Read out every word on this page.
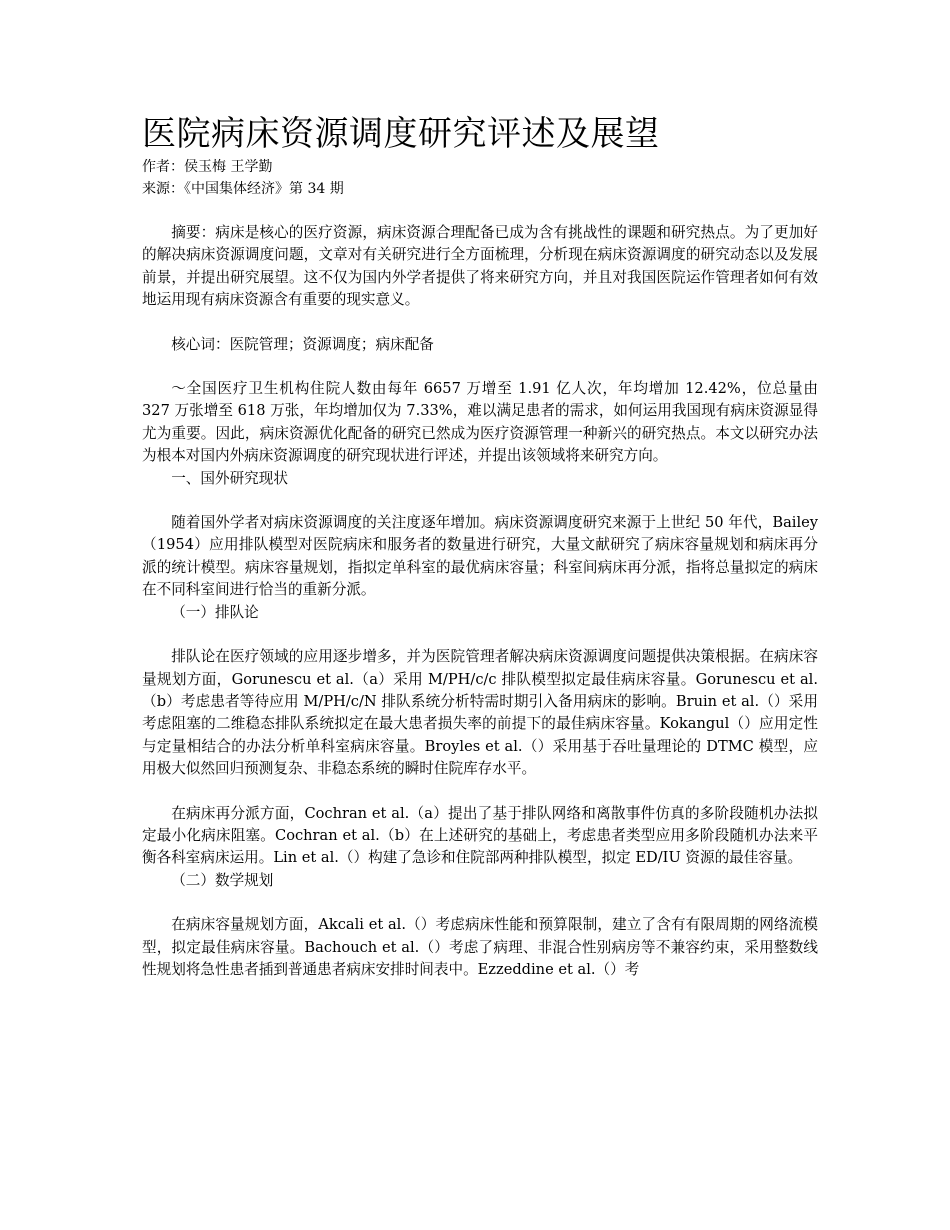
医院病床资源调度研究评述及展望

作者：侯玉梅 王学勤

来源：《中国集体经济》第 34 期

摘要：病床是核心的医疗资源，病床资源合理配备已成为含有挑战性的课题和研究热点。为了更加好的解决病床资源调度问题，文章对有关研究进行全方面梳理，分析现在病床资源调度的研究动态以及发展前景，并提出研究展望。这不仅为国内外学者提供了将来研究方向，并且对我国医院运作管理者如何有效地运用现有病床资源含有重要的现实意义。

核心词：医院管理；资源调度；病床配备

～全国医疗卫生机构住院人数由每年 6657 万增至 1.91 亿人次，年均增加 12.42%，位总量由 327 万张增至 618 万张，年均增加仅为 7.33%，难以满足患者的需求，如何运用我国现有病床资源显得尤为重要。因此，病床资源优化配备的研究已然成为医疗资源管理一种新兴的研究热点。本文以研究办法为根本对国内外病床资源调度的研究现状进行评述，并提出该领域将来研究方向。

一、国外研究现状

随着国外学者对病床资源调度的关注度逐年增加。病床资源调度研究来源于上世纪 50 年代，Bailey（1954）应用排队模型对医院病床和服务者的数量进行研究，大量文献研究了病床容量规划和病床再分派的统计模型。病床容量规划，指拟定单科室的最优病床容量；科室间病床再分派，指将总量拟定的病床在不同科室间进行恰当的重新分派。

（一）排队论

排队论在医疗领域的应用逐步增多，并为医院管理者解决病床资源调度问题提供决策根据。在病床容量规划方面，Gorunescu et al.（a）采用 M/PH/c/c 排队模型拟定最佳病床容量。Gorunescu et al.（b）考虑患者等待应用 M/PH/c/N 排队系统分析特需时期引入备用病床的影响。Bruin et al.（）采用考虑阻塞的二维稳态排队系统拟定在最大患者损失率的前提下的最佳病床容量。Kokangul（）应用定性与定量相结合的办法分析单科室病床容量。Broyles et al.（）采用基于吞吐量理论的 DTMC 模型，应用极大似然回归预测复杂、非稳态系统的瞬时住院库存水平。

在病床再分派方面，Cochran et al.（a）提出了基于排队网络和离散事件仿真的多阶段随机办法拟定最小化病床阻塞。Cochran et al.（b）在上述研究的基础上，考虑患者类型应用多阶段随机办法来平衡各科室病床运用。Lin et al.（）构建了急诊和住院部两种排队模型，拟定 ED/IU 资源的最佳容量。

（二）数学规划

在病床容量规划方面，Akcali et al.（）考虑病床性能和预算限制，建立了含有有限周期的网络流模型，拟定最佳病床容量。Bachouch et al.（）考虑了病理、非混合性别病房等不兼容约束，采用整数线性规划将急性患者插到普通患者病床安排时间表中。Ezzeddine et al.（）考
